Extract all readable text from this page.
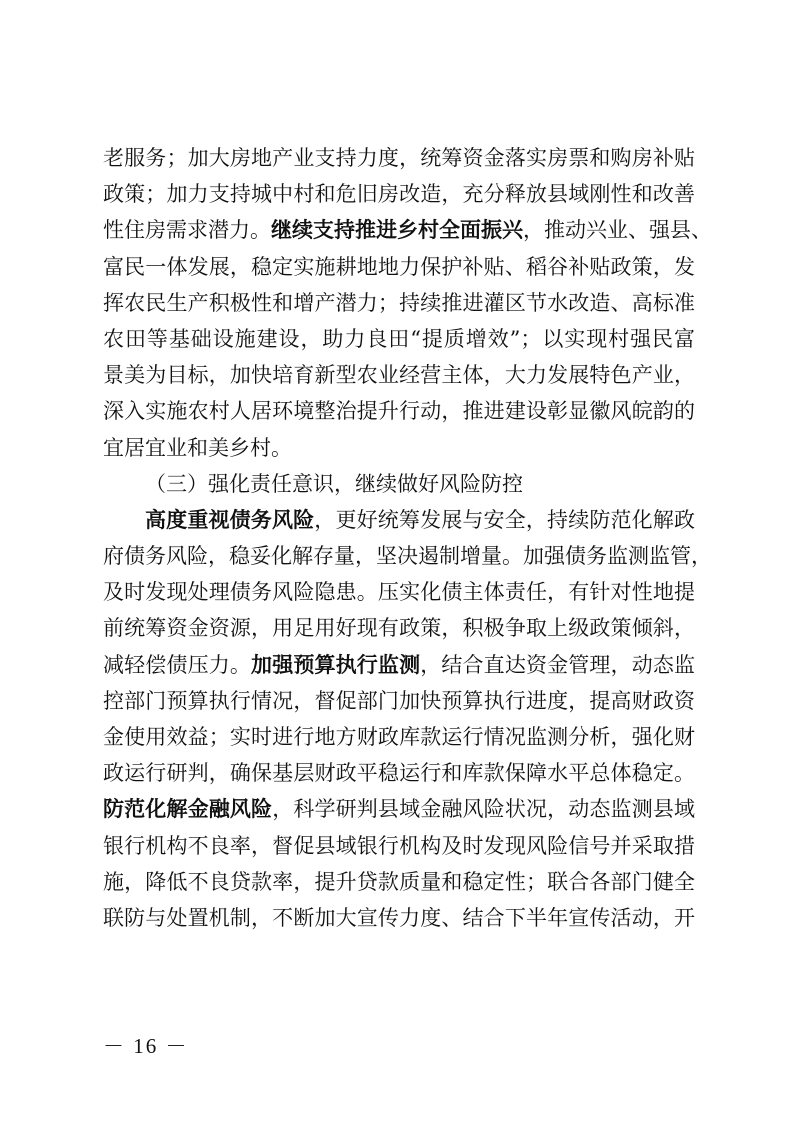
老服务；加大房地产业支持力度，统筹资金落实房票和购房补贴
政策；加力支持城中村和危旧房改造，充分释放县域刚性和改善
性住房需求潜力。继续支持推进乡村全面振兴，推动兴业、强县、
富民一体发展，稳定实施耕地地力保护补贴、稻谷补贴政策，发
挥农民生产积极性和增产潜力；持续推进灌区节水改造、高标准
农田等基础设施建设，助力良田“提质增效”；以实现村强民富
景美为目标，加快培育新型农业经营主体，大力发展特色产业，
深入实施农村人居环境整治提升行动，推进建设彰显徽风皖韵的
宜居宜业和美乡村。
（三）强化责任意识，继续做好风险防控
高度重视债务风险，更好统筹发展与安全，持续防范化解政
府债务风险，稳妥化解存量，坚决遏制增量。加强债务监测监管，
及时发现处理债务风险隐患。压实化债主体责任，有针对性地提
前统筹资金资源，用足用好现有政策，积极争取上级政策倾斜，
减轻偿债压力。加强预算执行监测，结合直达资金管理，动态监
控部门预算执行情况，督促部门加快预算执行进度，提高财政资
金使用效益；实时进行地方财政库款运行情况监测分析，强化财
政运行研判，确保基层财政平稳运行和库款保障水平总体稳定。
防范化解金融风险，科学研判县域金融风险状况，动态监测县域
银行机构不良率，督促县域银行机构及时发现风险信号并采取措
施，降低不良贷款率，提升贷款质量和稳定性；联合各部门健全
联防与处置机制，不断加大宣传力度、结合下半年宣传活动，开
－ 16 －
